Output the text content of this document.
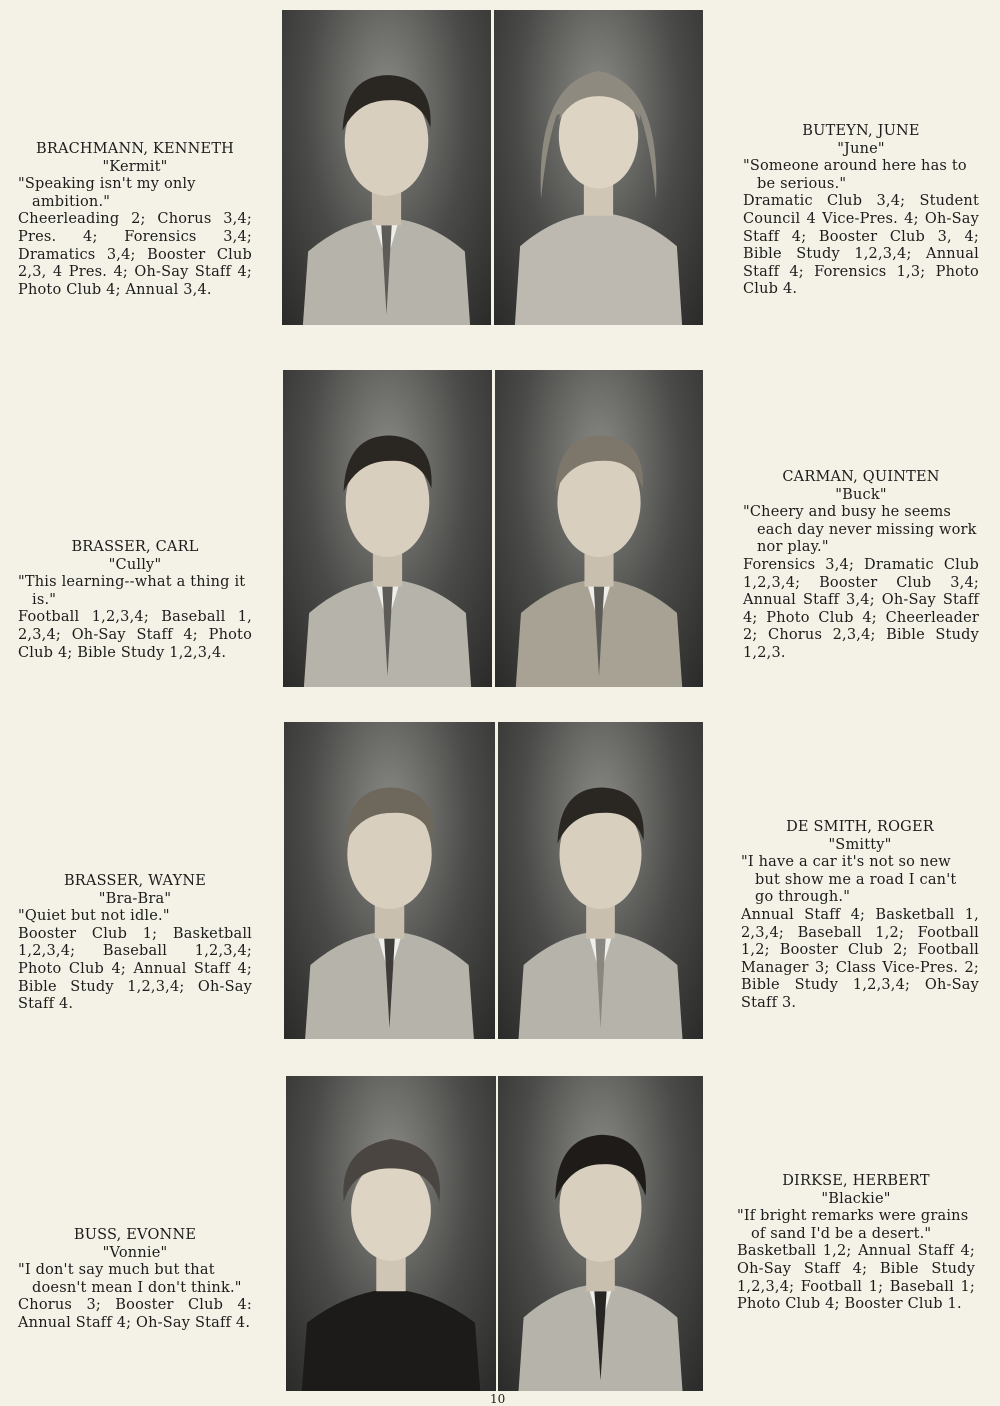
BRACHMANN, KENNETH
"Kermit"
"Speaking isn't my only ambition."
Cheerleading 2; Chorus 3,4; Pres. 4; Forensics 3,4; Dramatics 3,4; Booster Club 2,3, 4 Pres. 4; Oh-Say Staff 4; Photo Club 4; Annual 3,4.
BUTEYN, JUNE
"June"
"Someone around here has to be serious."
Dramatic Club 3,4; Student Council 4 Vice-Pres. 4; Oh-Say Staff 4; Booster Club 3, 4; Bible Study 1,2,3,4; Annual Staff 4; Forensics 1,3; Photo Club 4.
BRASSER, CARL
"Cully"
"This learning--what a thing it is."
Football 1,2,3,4; Baseball 1, 2,3,4; Oh-Say Staff 4; Photo Club 4; Bible Study 1,2,3,4.
CARMAN, QUINTEN
"Buck"
"Cheery and busy he seems each day never missing work nor play."
Forensics 3,4; Dramatic Club 1,2,3,4; Booster Club 3,4; Annual Staff 3,4; Oh-Say Staff 4; Photo Club 4; Cheerleader 2; Chorus 2,3,4; Bible Study 1,2,3.
BRASSER, WAYNE
"Bra-Bra"
"Quiet but not idle."
Booster Club 1; Basketball 1,2,3,4; Baseball 1,2,3,4; Photo Club 4; Annual Staff 4; Bible Study 1,2,3,4; Oh-Say Staff 4.
DE SMITH, ROGER
"Smitty"
"I have a car it's not so new but show me a road I can't go through."
Annual Staff 4; Basketball 1, 2,3,4; Baseball 1,2; Football 1,2; Booster Club 2; Football Manager 3; Class Vice-Pres. 2; Bible Study 1,2,3,4; Oh-Say Staff 3.
BUSS, EVONNE
"Vonnie"
"I don't say much but that doesn't mean I don't think."
Chorus 3; Booster Club 4: Annual Staff 4; Oh-Say Staff 4.
DIRKSE, HERBERT
"Blackie"
"If bright remarks were grains of sand I'd be a desert."
Basketball 1,2; Annual Staff 4; Oh-Say Staff 4; Bible Study 1,2,3,4; Football 1; Baseball 1; Photo Club 4; Booster Club 1.
10
